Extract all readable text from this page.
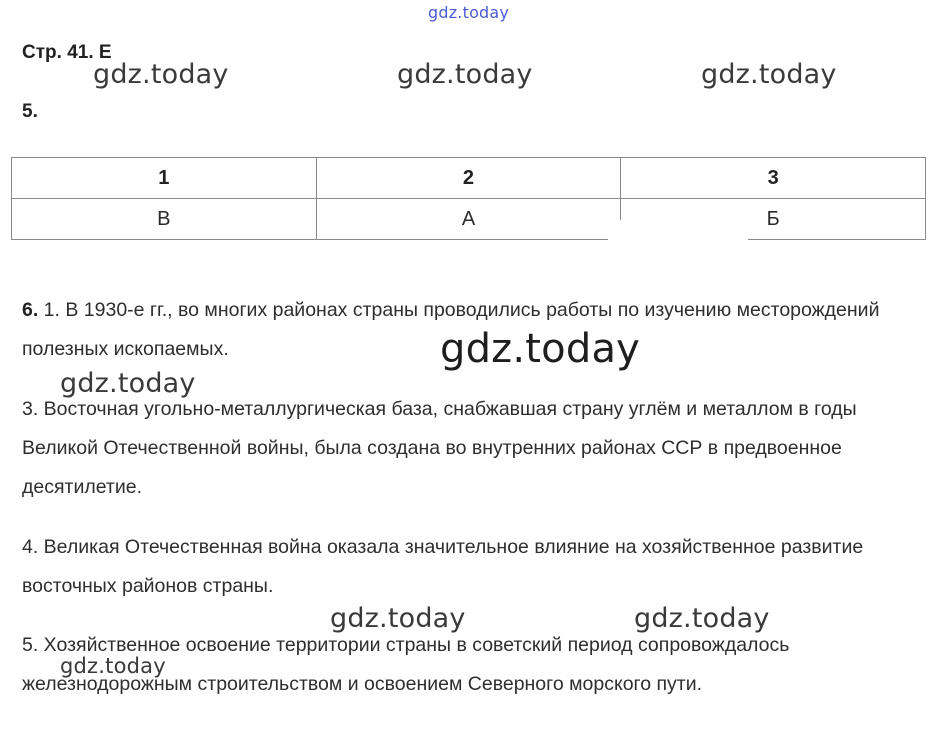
Стр. 41. Е
gdz.today
gdz.today	gdz.today	gdz.today
5.
1	2	3
В	А	Б

6. 1. В 1930-е гг., во многих районах страны проводились работы по изучению месторождений полезных ископаемых.	gdz.today
gdz.today

3. Восточная угольно-металлургическая база, снабжавшая страну углём и металлом в годы Великой Отечественной войны, была создана во внутренних районах ССР в предвоенное десятилетие.

4. Великая Отечественная война оказала значительное влияние на хозяйственное развитие восточных районов страны.

gdz.today	gdz.today

5. Хозяйственное освоение территории страны в советский период сопровождалось железнодорожным строительством и освоением Северного морского пути.

gdz.today
